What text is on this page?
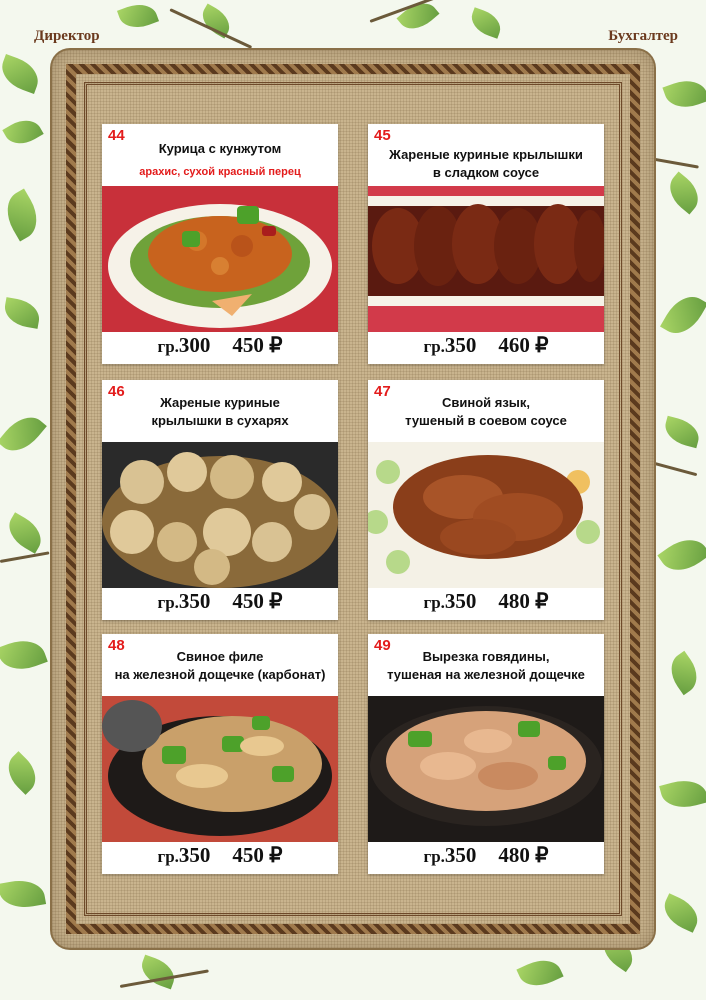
Директор	Бухгалтер
44
Курица с кунжутом
арахис, сухой красный перец
гр.300 450 ₽
45
Жареные куриные крылышки
в сладком соусе
гр.350 460 ₽
46
Жареные куриные
крылышки в сухарях
гр.350 450 ₽
47
Свиной язык,
тушеный в соевом соусе
гр.350 480 ₽
48
Свиное филе
на железной дощечке (карбонат)
гр.350 450 ₽
49
Вырезка говядины,
тушеная на железной дощечке
гр.350 480 ₽
